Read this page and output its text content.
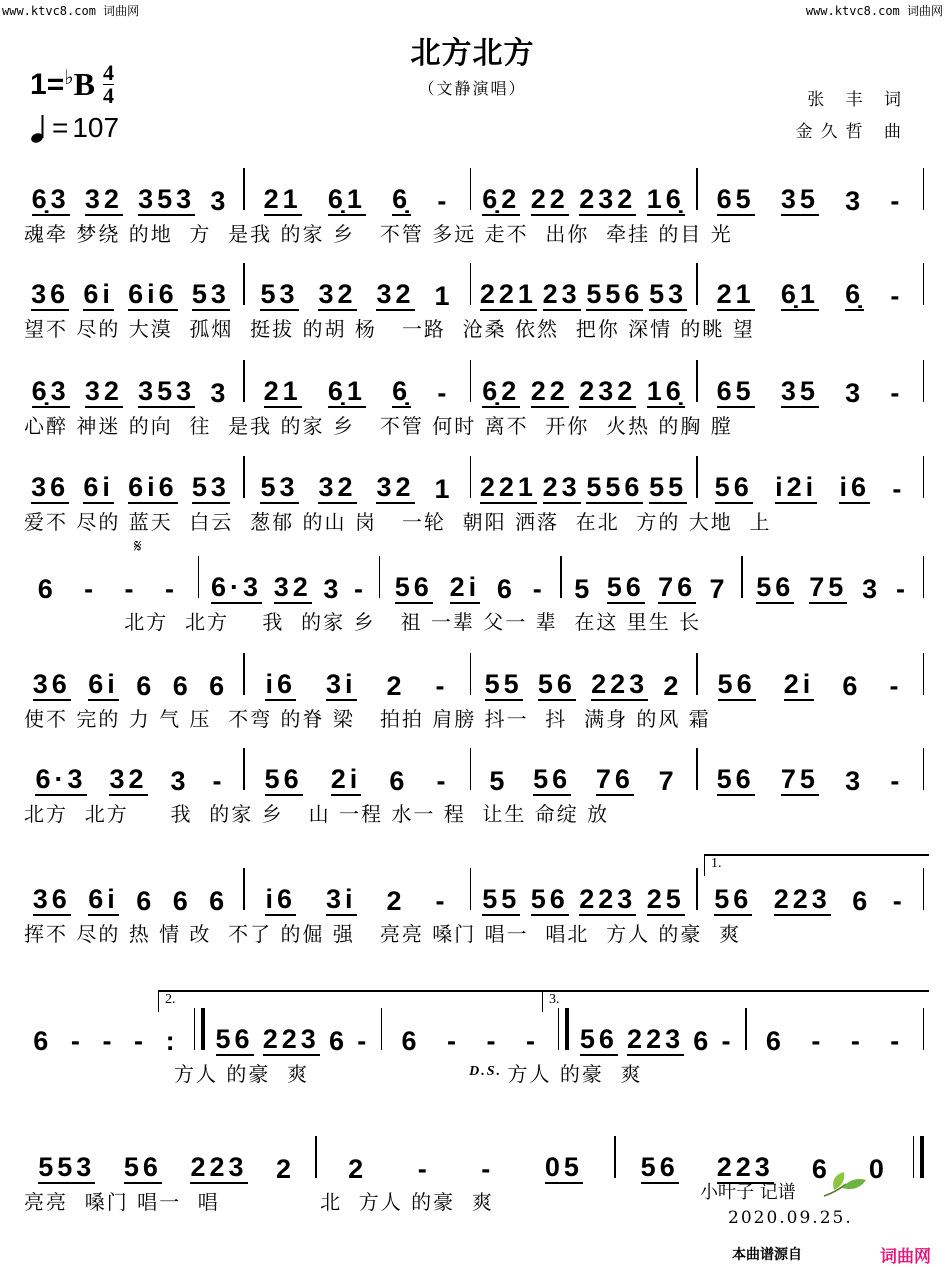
www.ktvc8.com 词曲网	www.ktvc8.com 词曲网
北方北方
（文静演唱）
1 = ♭ B $\frac{4}{4}$
= 107
张 丰 词
金久哲 曲
6̣3 32 353 3 21 6̣1 6̣ - 6̣2 22 232 16̣ 65 35 3 -
魂牵 梦绕 的地  方  是我 的家 乡   不管 多远 走不  出你  牵挂 的目 光
36 6i 6i6 53 53 32 32 1 221 23 556 53 21 6̣1 6̣ -
望不 尽的 大漠  孤烟  挺拔 的胡 杨   一路  沧桑 依然  把你 深情 的眺 望
6̣3 32 353 3 21 6̣1 6̣ - 6̣2 22 232 16̣ 65 35 3 -
心醉 神迷 的向  往  是我 的家 乡   不管 何时 离不  开你  火热 的胸 膛
36 6i 6i6 53 53 32 32 1 221 23 556 55 56 i2i i6 -
爱不 尽的 蓝天  白云  葱郁 的山 岗   一轮  朝阳 洒落  在北  方的 大地  上
6 - - - 6·3 32 3 - 56 2i 6 - 5 56 76 7 56 75 3 -
北方  北方    我  的家 乡   祖 一辈 父一 辈  在这 里生 长
𝄋
36 6i 6 6 6 i6 3i 2 - 55 56 223 2 56 2i 6 -
使不 完的 力 气 压  不弯 的脊 梁   拍拍 肩膀 抖一  抖  满身 的风 霜
6·3 32 3 - 56 2i 6 - 5 56 76 7 56 75 3 -
北方  北方     我  的家 乡   山 一程 水一 程  让生 命绽 放
36 6i 6 6 6 i6 3i 2 - 55 56 223 25 56 223 6 -
挥不 尽的 热 情 改  不了 的倔 强   亮亮 嗓门 唱一  唱北  方人 的豪  爽
1.
6 - - - : 56 223 6 - 6 - - - 56 223 6 - 6 - - -
方人 的豪  爽	D.S. 方人 的豪  爽
2.	3.
553 56 223 2 2 - - 05 56 223 6 0
亮亮  嗓门 唱一  唱            北  方人 的豪  爽	小叶子 记谱
2020.09.25.
本曲谱源自	词曲网
